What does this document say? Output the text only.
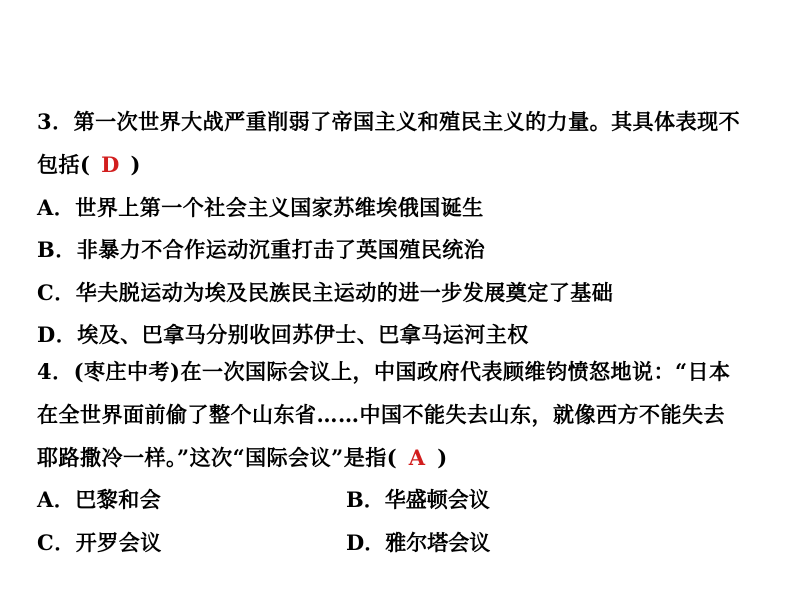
3．第一次世界大战严重削弱了帝国主义和殖民主义的力量。其具体表现不
包括( D )
A．世界上第一个社会主义国家苏维埃俄国诞生
B．非暴力不合作运动沉重打击了英国殖民统治
C．华夫脱运动为埃及民族民主运动的进一步发展奠定了基础
D．埃及、巴拿马分别收回苏伊士、巴拿马运河主权
4．(枣庄中考)在一次国际会议上，中国政府代表顾维钧愤怒地说：“日本
在全世界面前偷了整个山东省……中国不能失去山东，就像西方不能失去
耶路撒冷一样。”这次“国际会议”是指( A )
A．巴黎和会	B．华盛顿会议
C．开罗会议	D．雅尔塔会议
